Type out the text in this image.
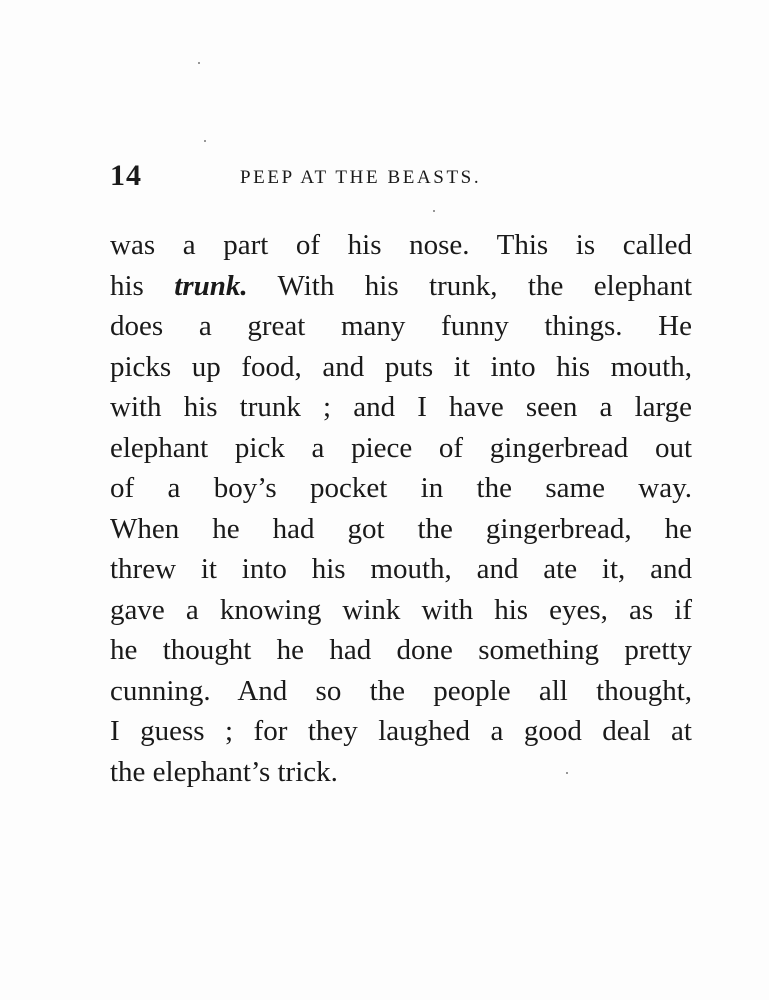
14	PEEP AT THE BEASTS.
was a part of his nose. This is called
his trunk. With his trunk, the elephant
does a great many funny things. He
picks up food, and puts it into his mouth,
with his trunk ; and I have seen a large
elephant pick a piece of gingerbread out
of a boy’s pocket in the same way.
When he had got the gingerbread, he
threw it into his mouth, and ate it, and
gave a knowing wink with his eyes, as if
he thought he had done something pretty
cunning. And so the people all thought,
I guess ; for they laughed a good deal at
the elephant’s trick.
